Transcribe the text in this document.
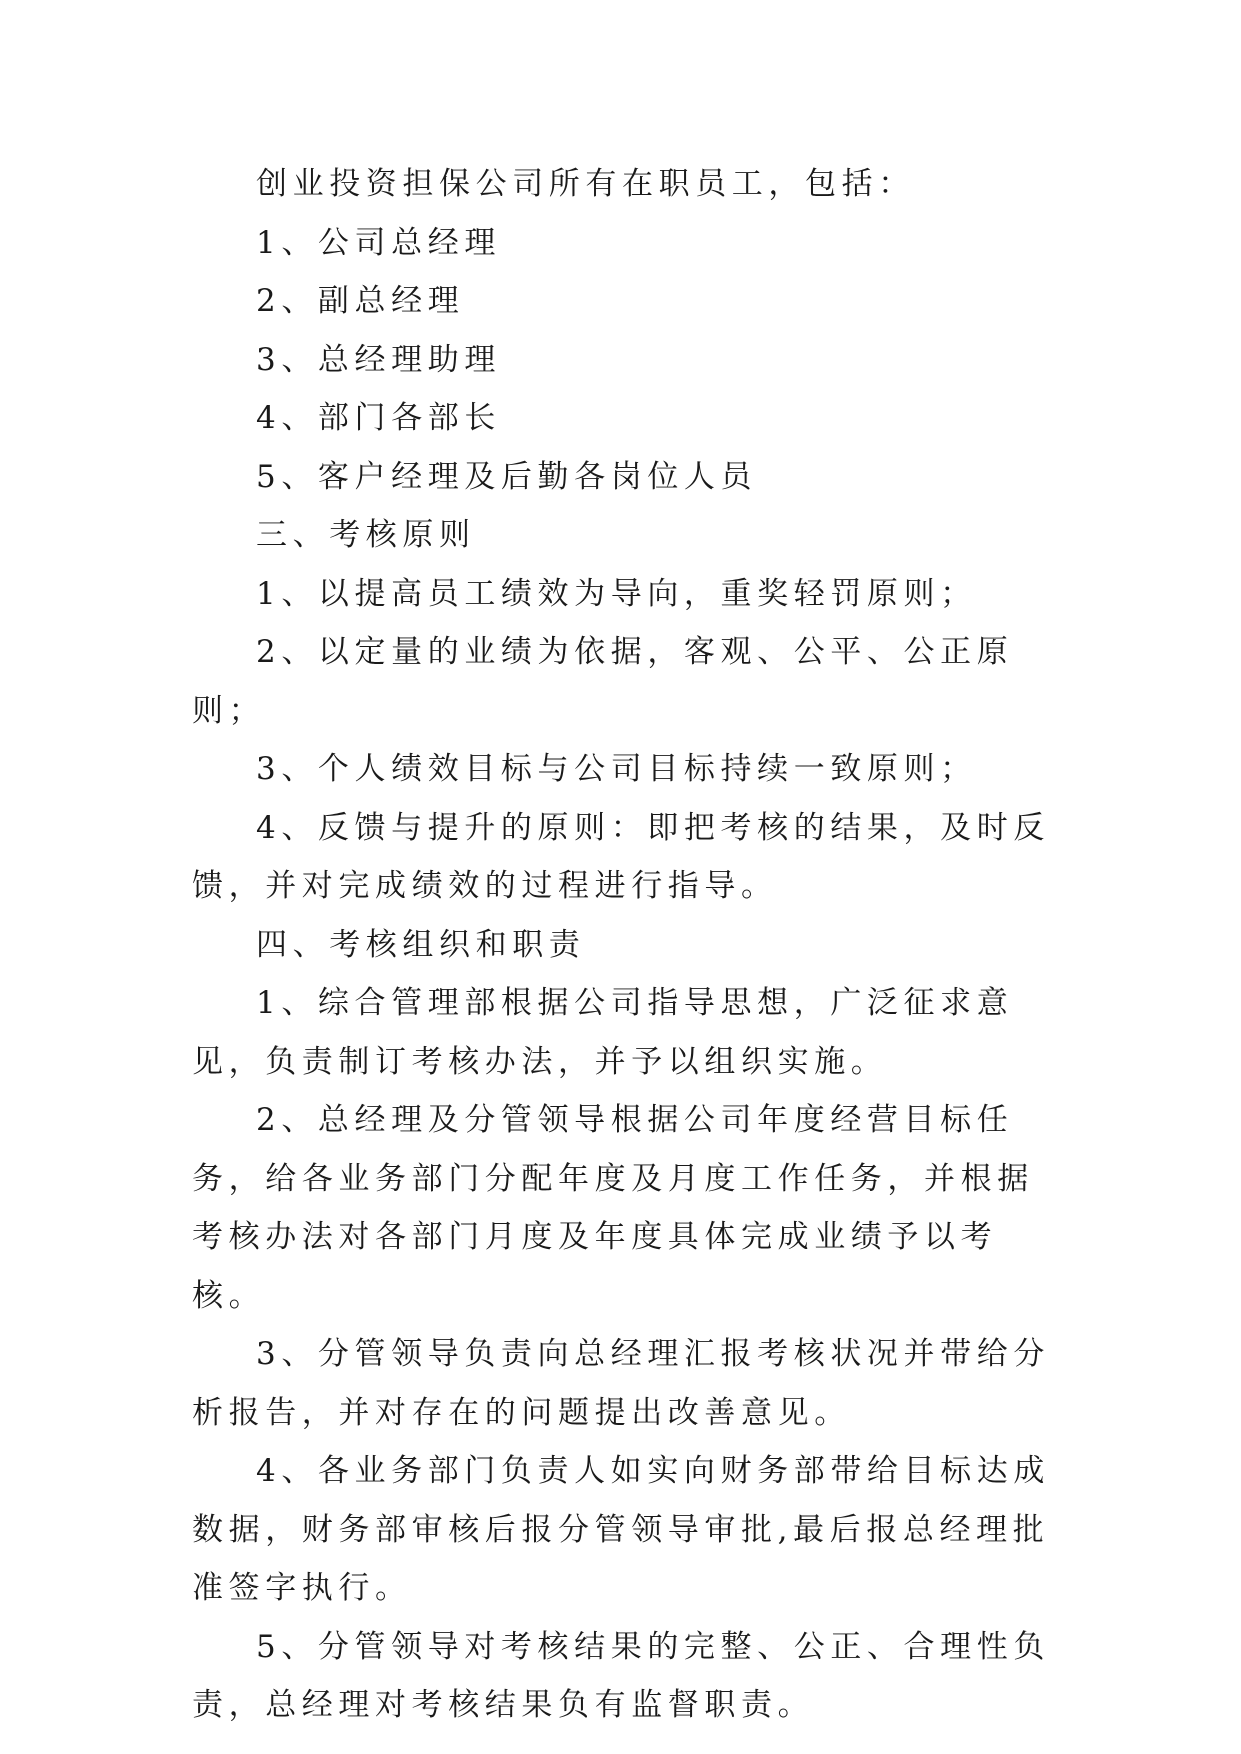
创业投资担保公司所有在职员工，包括：

1、公司总经理

2、副总经理

3、总经理助理

4、部门各部长

5、客户经理及后勤各岗位人员

三、考核原则

1、以提高员工绩效为导向，重奖轻罚原则；

2、以定量的业绩为依据，客观、公平、公正原则；

3、个人绩效目标与公司目标持续一致原则；

4、反馈与提升的原则：即把考核的结果，及时反馈，并对完成绩效的过程进行指导。

四、考核组织和职责

1、综合管理部根据公司指导思想，广泛征求意见，负责制订考核办法，并予以组织实施。

2、总经理及分管领导根据公司年度经营目标任务，给各业务部门分配年度及月度工作任务，并根据考核办法对各部门月度及年度具体完成业绩予以考核。

3、分管领导负责向总经理汇报考核状况并带给分析报告，并对存在的问题提出改善意见。

4、各业务部门负责人如实向财务部带给目标达成数据，财务部审核后报分管领导审批,最后报总经理批准签字执行。

5、分管领导对考核结果的完整、公正、合理性负责，总经理对考核结果负有监督职责。
